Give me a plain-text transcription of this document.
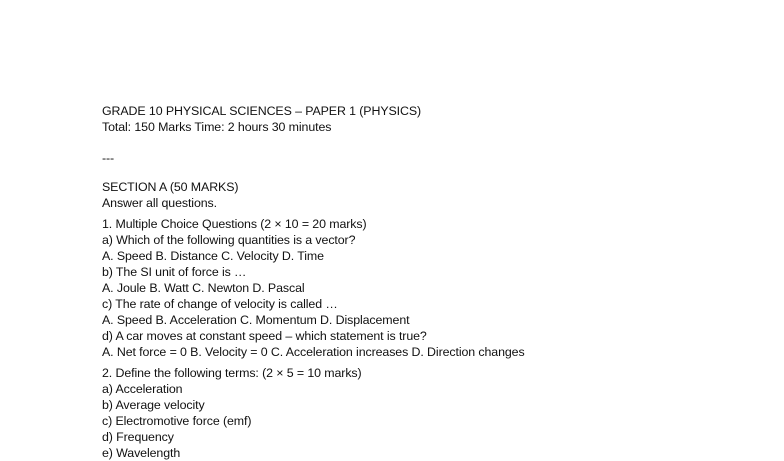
GRADE 10 PHYSICAL SCIENCES – PAPER 1 (PHYSICS)
Total: 150 Marks Time: 2 hours 30 minutes
---
SECTION A (50 MARKS)
Answer all questions.
1. Multiple Choice Questions (2 × 10 = 20 marks)
a) Which of the following quantities is a vector?
A. Speed B. Distance C. Velocity D. Time
b) The SI unit of force is …
A. Joule B. Watt C. Newton D. Pascal
c) The rate of change of velocity is called …
A. Speed B. Acceleration C. Momentum D. Displacement
d) A car moves at constant speed – which statement is true?
A. Net force = 0 B. Velocity = 0 C. Acceleration increases D. Direction changes
2. Define the following terms: (2 × 5 = 10 marks)
a) Acceleration
b) Average velocity
c) Electromotive force (emf)
d) Frequency
e) Wavelength
